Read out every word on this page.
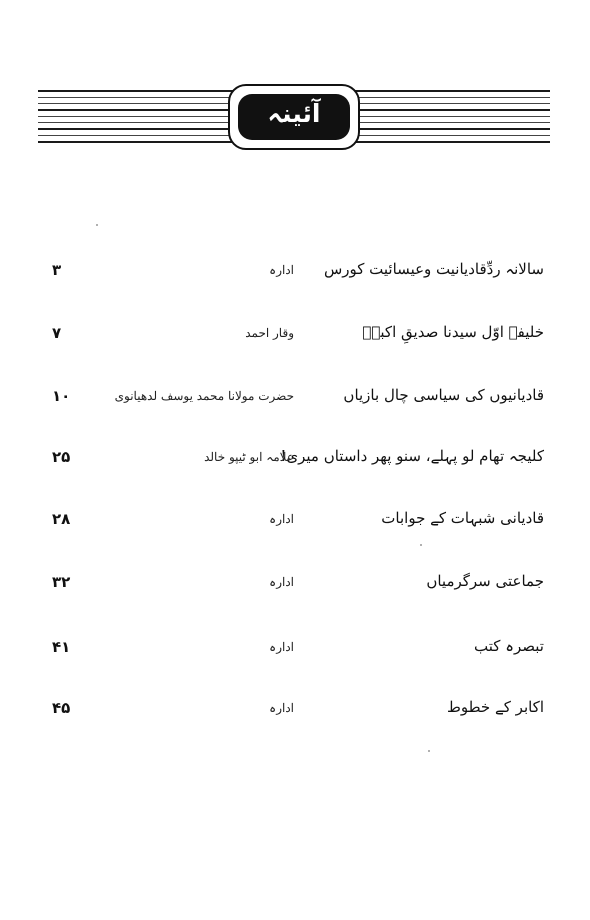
آئینہ
سالانہ ردِّقادیانیت وعیسائیت کورس
ادارہ
۳
خلیفۂ اوّل سیدنا صدیقِ اکبرؓ
وقار احمد
۷
قادیانیوں کی سیاسی چال بازیاں
حضرت مولانا محمد یوسف لدھیانوی
۱۰
کلیجہ تھام لو پہلے، سنو پھر داستاں میری!
علامہ ابو ٹیپو خالد
۲۵
قادیانی شبہات کے جوابات
ادارہ
۲۸
جماعتی سرگرمیاں
ادارہ
۳۲
تبصرہ کتب
ادارہ
۴۱
اکابر کے خطوط
ادارہ
۴۵
